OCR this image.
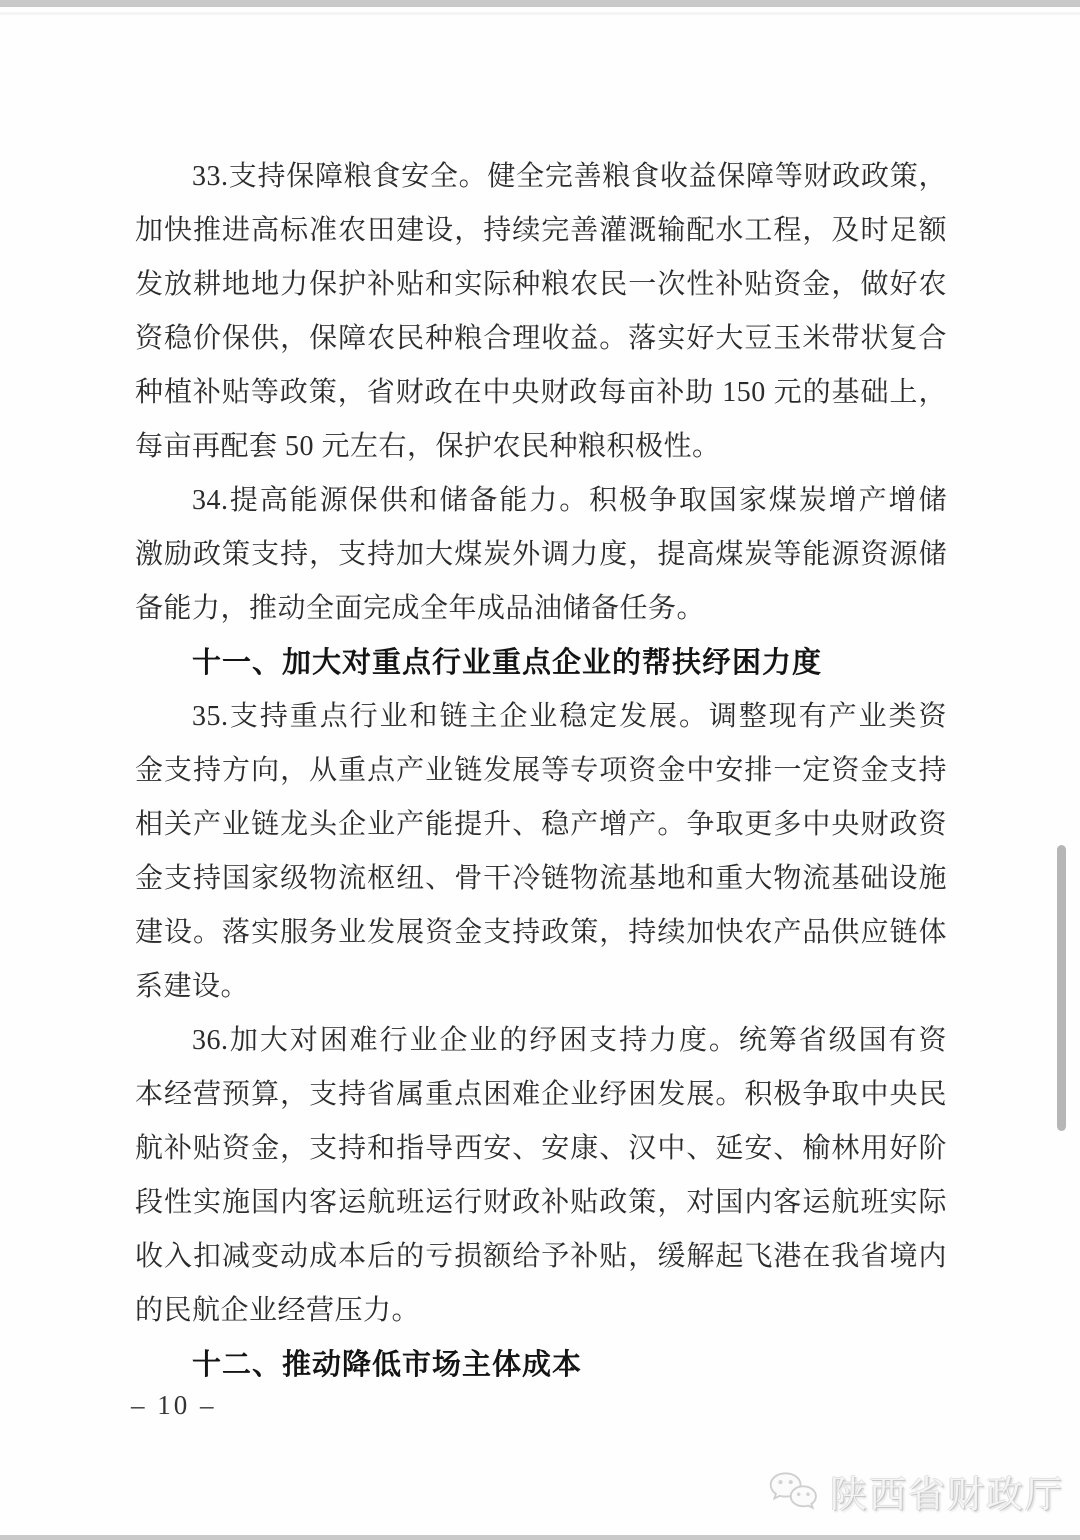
33.支持保障粮食安全。健全完善粮食收益保障等财政政策，
加快推进高标准农田建设，持续完善灌溉输配水工程，及时足额
发放耕地地力保护补贴和实际种粮农民一次性补贴资金，做好农
资稳价保供，保障农民种粮合理收益。落实好大豆玉米带状复合
种植补贴等政策，省财政在中央财政每亩补助 150 元的基础上，
每亩再配套 50 元左右，保护农民种粮积极性。
34.提高能源保供和储备能力。积极争取国家煤炭增产增储
激励政策支持，支持加大煤炭外调力度，提高煤炭等能源资源储
备能力，推动全面完成全年成品油储备任务。
十一、加大对重点行业重点企业的帮扶纾困力度
35.支持重点行业和链主企业稳定发展。调整现有产业类资
金支持方向，从重点产业链发展等专项资金中安排一定资金支持
相关产业链龙头企业产能提升、稳产增产。争取更多中央财政资
金支持国家级物流枢纽、骨干冷链物流基地和重大物流基础设施
建设。落实服务业发展资金支持政策，持续加快农产品供应链体
系建设。
36.加大对困难行业企业的纾困支持力度。统筹省级国有资
本经营预算，支持省属重点困难企业纾困发展。积极争取中央民
航补贴资金，支持和指导西安、安康、汉中、延安、榆林用好阶
段性实施国内客运航班运行财政补贴政策，对国内客运航班实际
收入扣减变动成本后的亏损额给予补贴，缓解起飞港在我省境内
的民航企业经营压力。
十二、推动降低市场主体成本
– 10 –
陕西省财政厅
